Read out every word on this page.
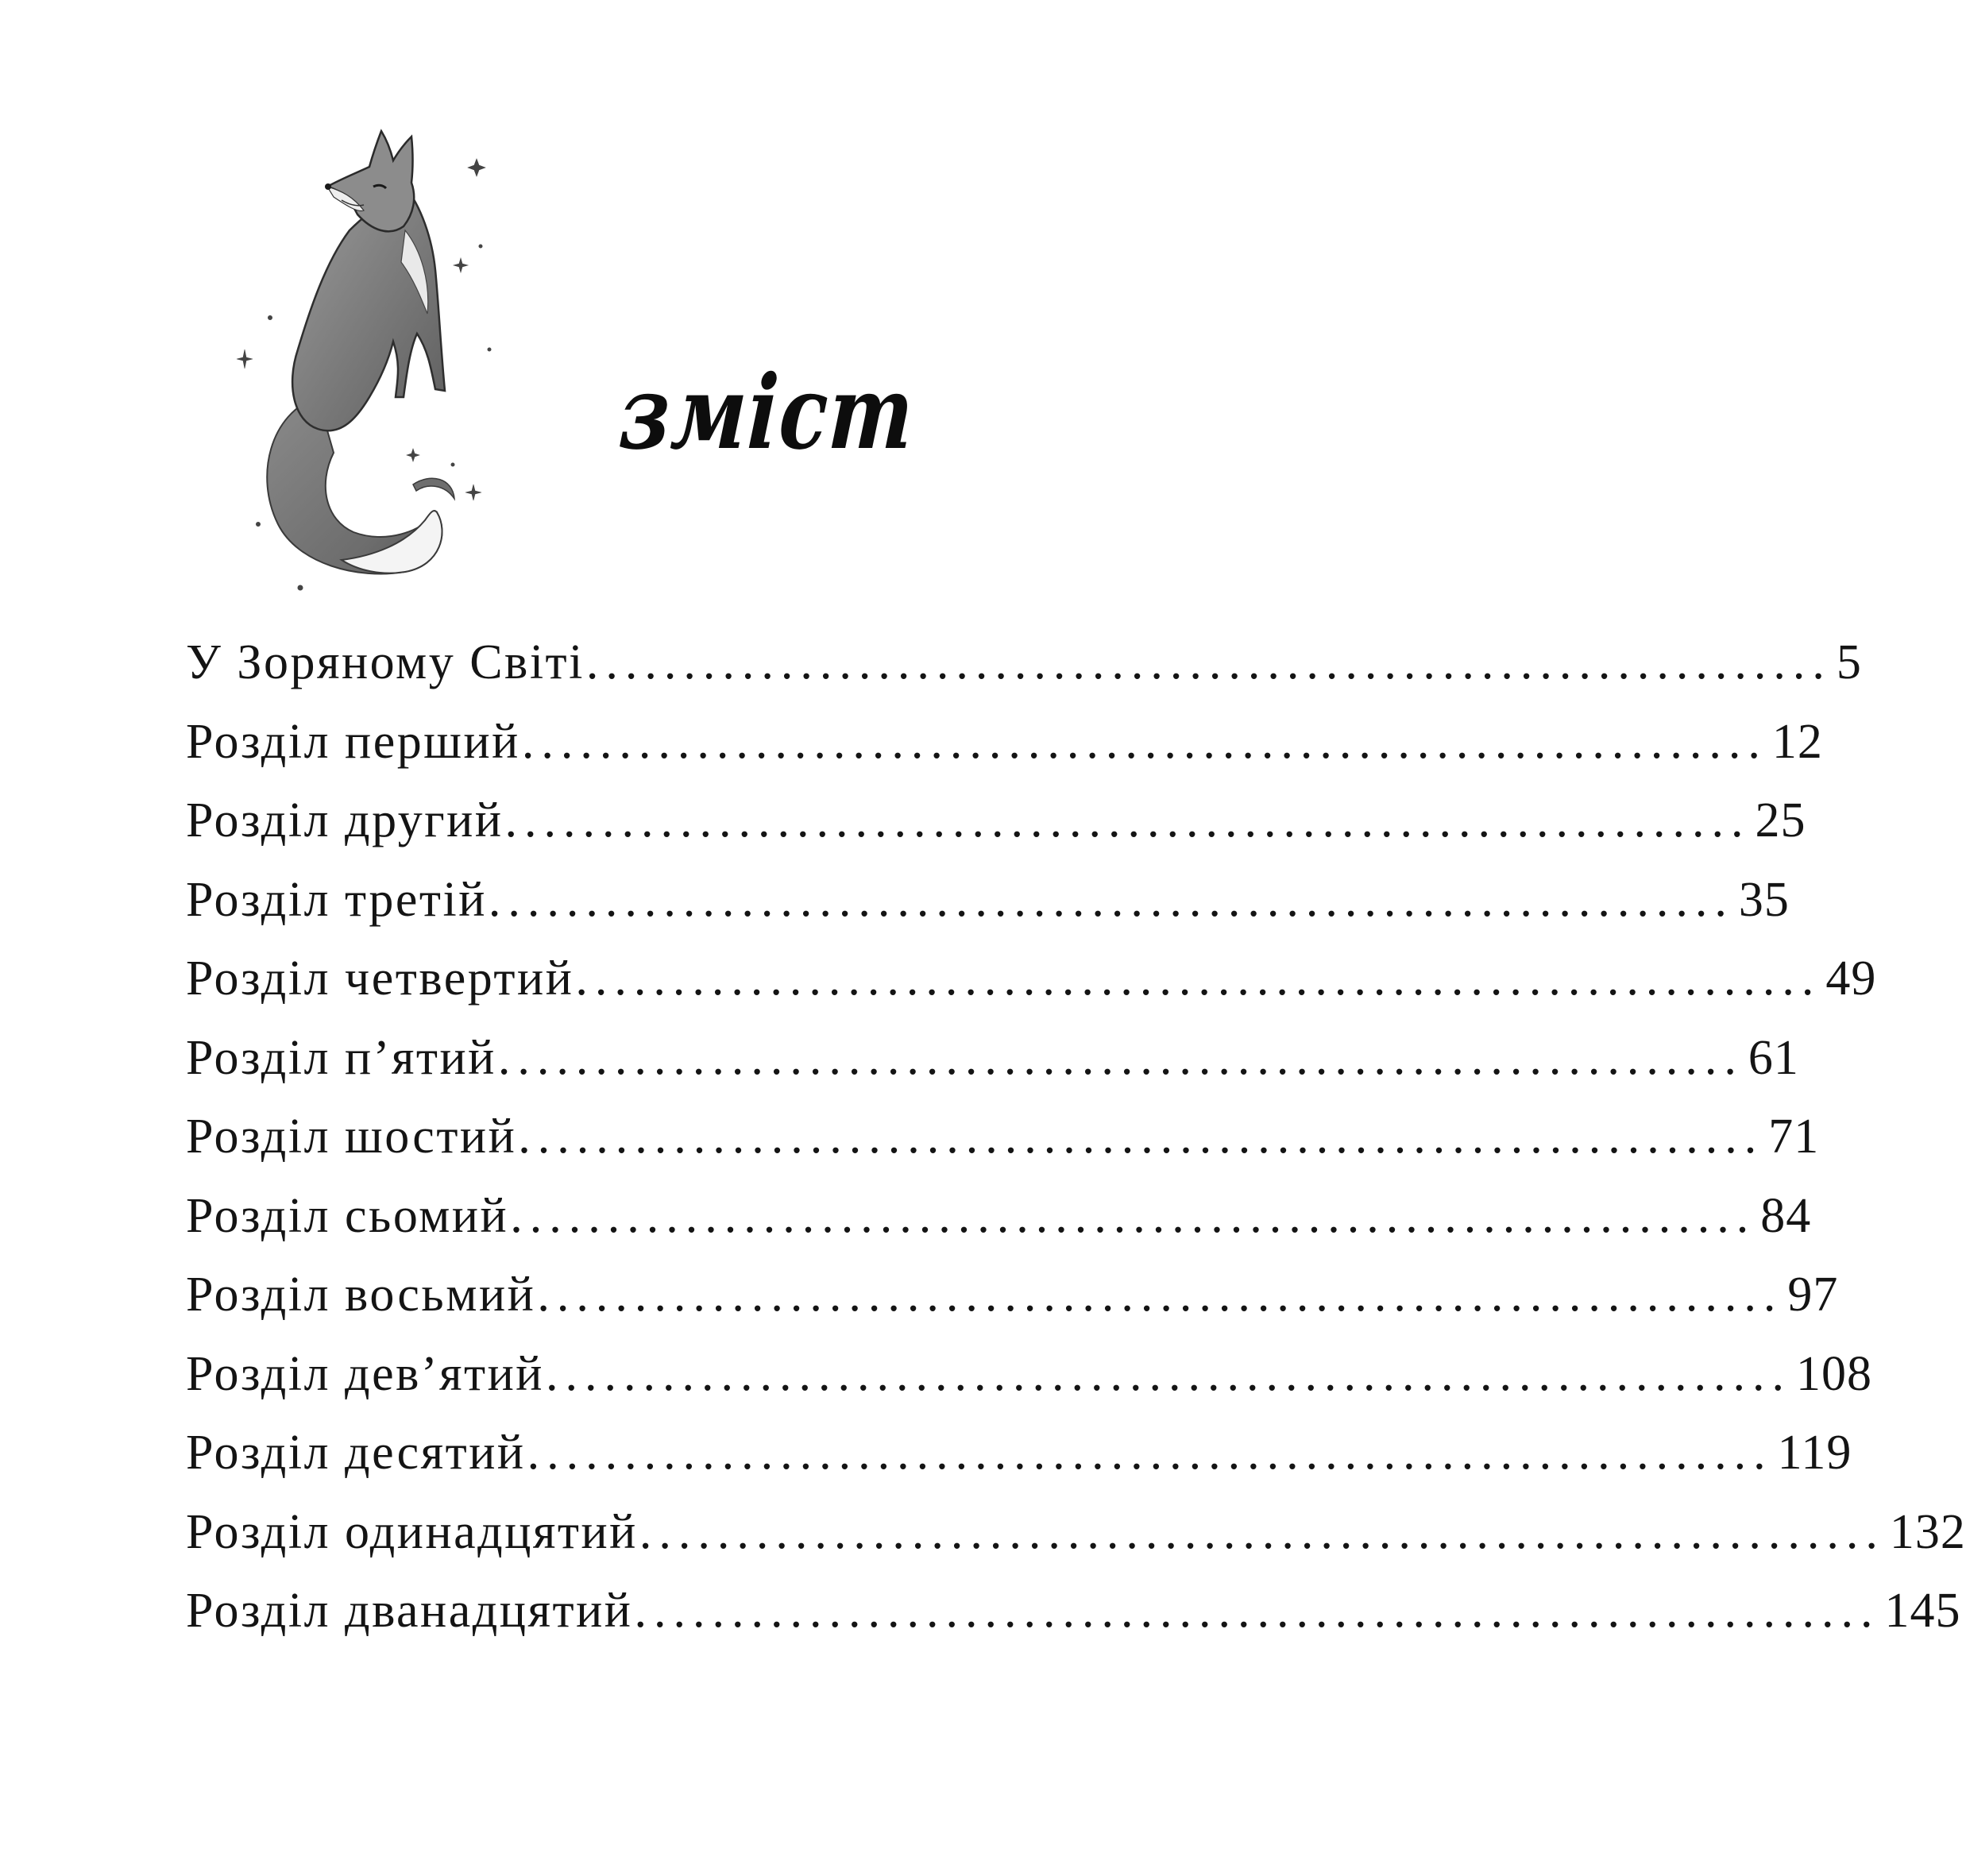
зміст
У Зоряному Світі ................................................................ 5
Розділ перший ................................................................ 12
Розділ другий ................................................................ 25
Розділ третій ................................................................ 35
Розділ четвертий ................................................................ 49
Розділ п’ятий ................................................................ 61
Розділ шостий ................................................................ 71
Розділ сьомий ................................................................ 84
Розділ восьмий ................................................................ 97
Розділ дев’ятий ................................................................ 108
Розділ десятий ................................................................ 119
Розділ одинадцятий ................................................................ 132
Розділ дванадцятий ................................................................ 145
